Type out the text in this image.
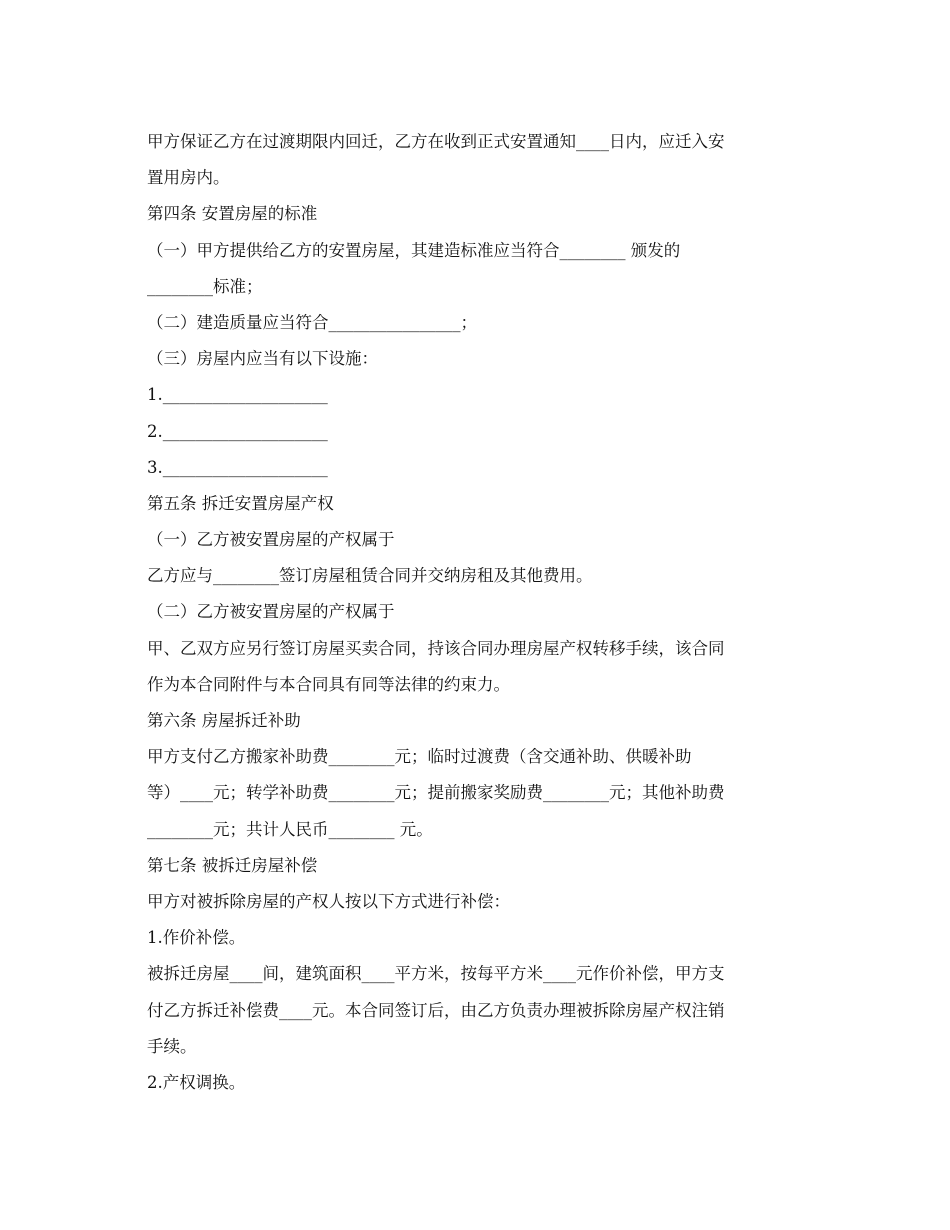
甲方保证乙方在过渡期限内回迁，乙方在收到正式安置通知____日内，应迁入安
置用房内。
第四条 安置房屋的标准
（一）甲方提供给乙方的安置房屋，其建造标准应当符合________ 颁发的
________标准；
（二）建造质量应当符合________________；
（三）房屋内应当有以下设施：
1.____________________
2.____________________
3.____________________
第五条 拆迁安置房屋产权
（一）乙方被安置房屋的产权属于
乙方应与________签订房屋租赁合同并交纳房租及其他费用。
（二）乙方被安置房屋的产权属于
甲、乙双方应另行签订房屋买卖合同，持该合同办理房屋产权转移手续，该合同
作为本合同附件与本合同具有同等法律的约束力。
第六条 房屋拆迁补助
甲方支付乙方搬家补助费________元；临时过渡费（含交通补助、供暖补助
等）____元；转学补助费________元；提前搬家奖励费________元；其他补助费
________元；共计人民币________ 元。
第七条 被拆迁房屋补偿
甲方对被拆除房屋的产权人按以下方式进行补偿：
1.作价补偿。
被拆迁房屋____间，建筑面积____平方米，按每平方米____元作价补偿，甲方支
付乙方拆迁补偿费____元。本合同签订后，由乙方负责办理被拆除房屋产权注销
手续。
2.产权调换。
